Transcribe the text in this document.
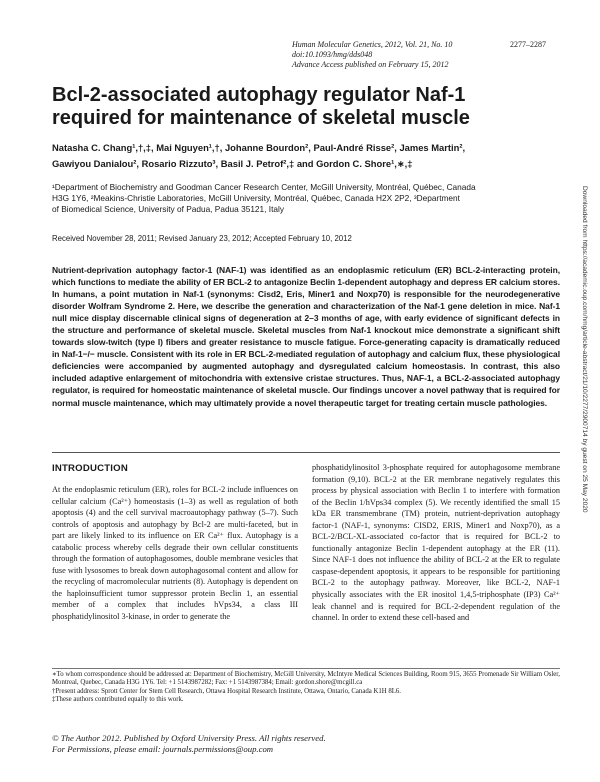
Human Molecular Genetics, 2012, Vol. 21, No. 10	2277–2287
doi:10.1093/hmg/dds048
Advance Access published on February 15, 2012
Bcl-2-associated autophagy regulator Naf-1 required for maintenance of skeletal muscle
Natasha C. Chang¹,†,‡, Mai Nguyen¹,†, Johanne Bourdon², Paul-André Risse², James Martin²,
Gawiyou Danialou², Rosario Rizzuto³, Basil J. Petrof²,‡ and Gordon C. Shore¹,∗,‡
¹Department of Biochemistry and Goodman Cancer Research Center, McGill University, Montréal, Québec, Canada
H3G 1Y6, ²Meakins-Christie Laboratories, McGill University, Montréal, Québec, Canada H2X 2P2, ³Department
of Biomedical Science, University of Padua, Padua 35121, Italy
Received November 28, 2011; Revised January 23, 2012; Accepted February 10, 2012

Nutrient-deprivation autophagy factor-1 (NAF-1) was identified as an endoplasmic reticulum (ER) BCL-2-interacting protein, which functions to mediate the ability of ER BCL-2 to antagonize Beclin 1-dependent autophagy and depress ER calcium stores. In humans, a point mutation in Naf-1 (synonyms: Cisd2, Eris, Miner1 and Noxp70) is responsible for the neurodegenerative disorder Wolfram Syndrome 2. Here, we describe the generation and characterization of the Naf-1 gene deletion in mice. Naf-1 null mice display discernable clinical signs of degeneration at 2–3 months of age, with early evidence of significant defects in the structure and performance of skeletal muscle. Skeletal muscles from Naf-1 knockout mice demonstrate a significant shift towards slow-twitch (type I) fibers and greater resistance to muscle fatigue. Force-generating capacity is dramatically reduced in Naf-1−/− muscle. Consistent with its role in ER BCL-2-mediated regulation of autophagy and calcium flux, these physiological deficiencies were accompanied by augmented autophagy and dysregulated calcium homeostasis. In contrast, this also included adaptive enlargement of mitochondria with extensive cristae structures. Thus, NAF-1, a BCL-2-associated autophagy regulator, is required for homeostatic maintenance of skeletal muscle. Our findings uncover a novel pathway that is required for normal muscle maintenance, which may ultimately provide a novel therapeutic target for treating certain muscle pathologies.

INTRODUCTION

At the endoplasmic reticulum (ER), roles for BCL-2 include influences on cellular calcium (Ca²⁺) homeostasis (1–3) as well as regulation of both apoptosis (4) and the cell survival macroautophagy pathway (5–7). Such controls of apoptosis and autophagy by Bcl-2 are multi-faceted, but in part are likely linked to its influence on ER Ca²⁺ flux. Autophagy is a catabolic process whereby cells degrade their own cellular constituents through the formation of autophagosomes, double membrane vesicles that fuse with lysosomes to break down autophagosomal content and allow for the recycling of macromolecular nutrients (8). Autophagy is dependent on the haploinsufficient tumor suppressor protein Beclin 1, an essential member of a complex that includes hVps34, a class III phosphatidylinositol 3-kinase, in order to generate the

phosphatidylinositol 3-phosphate required for autophagosome membrane formation (9,10). BCL-2 at the ER membrane negatively regulates this process by physical association with Beclin 1 to interfere with formation of the Beclin 1/hVps34 complex (5). We recently identified the small 15 kDa ER transmembrane (TM) protein, nutrient-deprivation autophagy factor-1 (NAF-1, synonyms: CISD2, ERIS, Miner1 and Noxp70), as a BCL-2/BCL-XL-associated co-factor that is required for BCL-2 to functionally antagonize Beclin 1-dependent autophagy at the ER (11). Since NAF-1 does not influence the ability of BCL-2 at the ER to regulate caspase-dependent apoptosis, it appears to be responsible for partitioning BCL-2 to the autophagy pathway. Moreover, like BCL-2, NAF-1 physically associates with the ER inositol 1,4,5-triphosphate (IP3) Ca²⁺ leak channel and is required for BCL-2-dependent regulation of the channel. In order to extend these cell-based and

∗To whom correspondence should be addressed at: Department of Biochemistry, McGill University, McIntyre Medical Sciences Building, Room 915, 3655 Promenade Sir William Osler, Montreal, Quebec, Canada H3G 1Y6. Tel: +1 5143987282; Fax: +1 5143987384; Email: gordon.shore@mcgill.ca
†Present address: Sprott Center for Stem Cell Research, Ottawa Hospital Research Institute, Ottawa, Ontario, Canada K1H 8L6.
‡These authors contributed equally to this work.
© The Author 2012. Published by Oxford University Press. All rights reserved.
For Permissions, please email: journals.permissions@oup.com
Downloaded from https://academic.oup.com/hmg/article-abstract/21/10/2277/2900714 by guest on 25 May 2020
